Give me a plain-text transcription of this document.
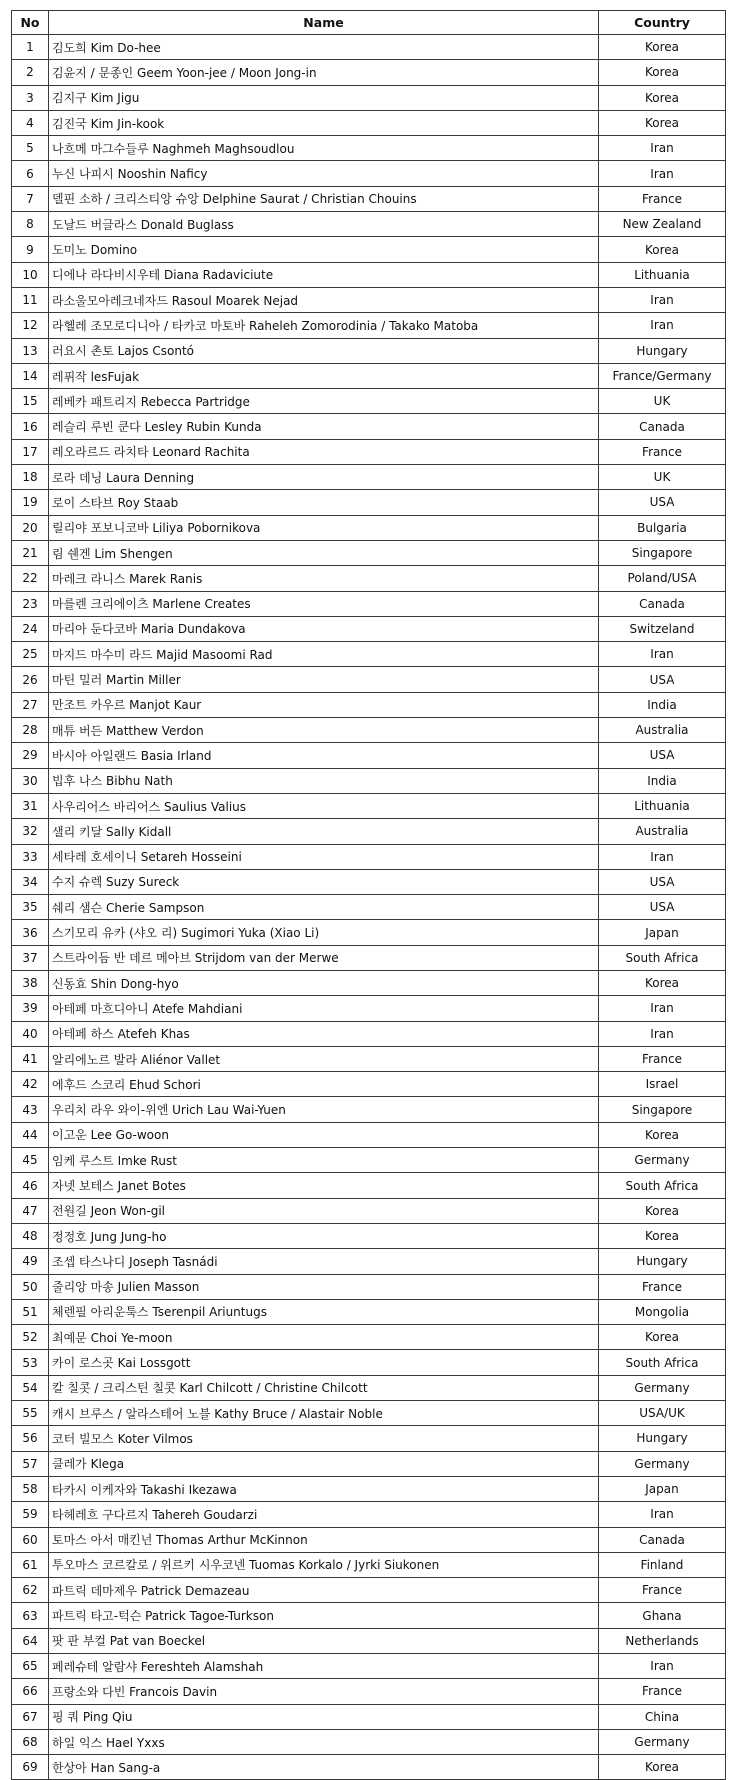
No	Name	Country
1	김도희 Kim Do-hee	Korea
2	김윤지 / 문종인 Geem Yoon-jee / Moon Jong-in	Korea
3	김지구 Kim Jigu	Korea
4	김진국 Kim Jin-kook	Korea
5	나흐메 마그수들루 Naghmeh Maghsoudlou	Iran
6	누신 나피시 Nooshin Naficy	Iran
7	델핀 소하 / 크리스티앙 슈앙 Delphine Saurat / Christian Chouins	France
8	도날드 버글라스 Donald Buglass	New Zealand
9	도미노 Domino	Korea
10	디에나 라다비시우테 Diana Radaviciute	Lithuania
11	라소울모아레크네자드 Rasoul Moarek Nejad	Iran
12	라헬레 조모로디니아 / 타카코 마토바 Raheleh Zomorodinia / Takako Matoba	Iran
13	러요시 촌토 Lajos Csontó	Hungary
14	레퓌작 lesFujak	France/Germany
15	레베카 패트리지 Rebecca Partridge	UK
16	레슬리 루빈 쿤다 Lesley Rubin Kunda	Canada
17	레오라르드 라치타 Leonard Rachita	France
18	로라 데닝 Laura Denning	UK
19	로이 스타브 Roy Staab	USA
20	릴리야 포보니코바 Liliya Pobornikova	Bulgaria
21	림 쉔겐 Lim Shengen	Singapore
22	마레크 라니스 Marek Ranis	Poland/USA
23	마를렌 크리에이츠 Marlene Creates	Canada
24	마리아 둔다코바 Maria Dundakova	Switzeland
25	마지드 마수미 라드 Majid Masoomi Rad	Iran
26	마틴 밀러 Martin Miller	USA
27	만조트 카우르 Manjot Kaur	India
28	매튜 버든 Matthew Verdon	Australia
29	바시아 아일랜드 Basia Irland	USA
30	빕후 나스 Bibhu Nath	India
31	사우리어스 바리어스 Saulius Valius	Lithuania
32	샐리 키달 Sally Kidall	Australia
33	세타레 호세이니 Setareh Hosseini	Iran
34	수지 슈렉 Suzy Sureck	USA
35	쉐리 샘슨 Cherie Sampson	USA
36	스기모리 유카 (샤오 리) Sugimori Yuka (Xiao Li)	Japan
37	스트라이듬 반 데르 메아브 Strijdom van der Merwe	South Africa
38	신동효 Shin Dong-hyo	Korea
39	아테페 마흐디아니 Atefe Mahdiani	Iran
40	아테페 하스 Atefeh Khas	Iran
41	알리에노르 발라 Aliénor Vallet	France
42	에후드 스코리 Ehud Schori	Israel
43	우리치 라우 와이-위엔 Urich Lau Wai-Yuen	Singapore
44	이고운 Lee Go-woon	Korea
45	임케 루스트 Imke Rust	Germany
46	자넷 보테스 Janet Botes	South Africa
47	전원길 Jeon Won-gil	Korea
48	정정호 Jung Jung-ho	Korea
49	조셉 타스나디 Joseph Tasnádi	Hungary
50	줄리앙 마송 Julien Masson	France
51	체렌필 아리운툭스 Tserenpil Ariuntugs	Mongolia
52	최예문 Choi Ye-moon	Korea
53	카이 로스곳 Kai Lossgott	South Africa
54	칼 칠콧 / 크리스틴 칠콧 Karl Chilcott / Christine Chilcott	Germany
55	캐시 브루스 / 알라스테어 노블 Kathy Bruce / Alastair Noble	USA/UK
56	코터 빌모스 Koter Vilmos	Hungary
57	클레가 Klega	Germany
58	타카시 이케자와 Takashi Ikezawa	Japan
59	타헤레흐 구다르지 Tahereh Goudarzi	Iran
60	토마스 아서 매킨넌 Thomas Arthur McKinnon	Canada
61	투오마스 코르칼로 / 위르키 시우코넨 Tuomas Korkalo / Jyrki Siukonen	Finland
62	파트릭 데마제우 Patrick Demazeau	France
63	파트릭 타고-턱슨 Patrick Tagoe-Turkson	Ghana
64	팟 판 부컬 Pat van Boeckel	Netherlands
65	페레슈테 알람샤 Fereshteh Alamshah	Iran
66	프랑소와 다빈 Francois Davin	France
67	핑 쿼 Ping Qiu	China
68	하일 익스 Hael Yxxs	Germany
69	한상아 Han Sang-a	Korea
